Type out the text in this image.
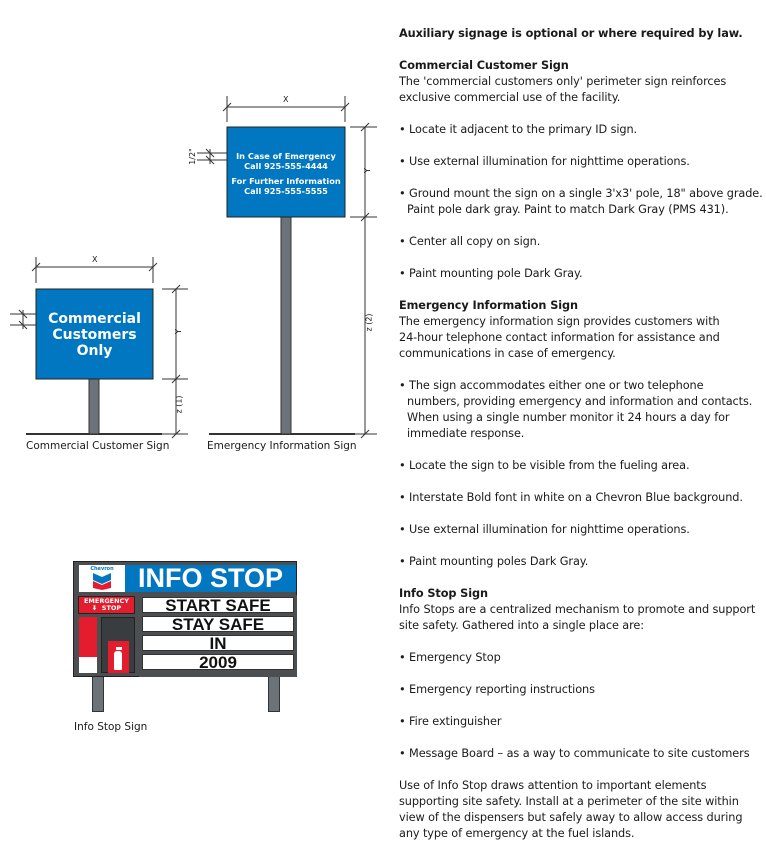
Commercial
Customers
Only
X
Y
z (1)
Commercial Customer Sign
In Case of Emergency
Call 925-555-4444
For Further Information
Call 925-555-5555
X
Y
z (2)
1/2"
Emergency Information Sign
Chevron INFO STOP
EMERGENCY
⬇  STOP	START SAFE
STAY SAFE
IN
2009
Info Stop Sign
Auxiliary signage is optional or where required by law.
Commercial Customer Sign
The 'commercial customers only' perimeter sign reinforces
exclusive commercial use of the facility.
• Locate it adjacent to the primary ID sign.
• Use external illumination for nighttime operations.
• Ground mount the sign on a single 3'x3' pole, 18" above grade.
Paint pole dark gray. Paint to match Dark Gray (PMS 431).
• Center all copy on sign.
• Paint mounting pole Dark Gray.
Emergency Information Sign
The emergency information sign provides customers with
24-hour telephone contact information for assistance and
communications in case of emergency.
• The sign accommodates either one or two telephone
numbers, providing emergency and information and contacts.
When using a single number monitor it 24 hours a day for
immediate response.
• Locate the sign to be visible from the fueling area.
• Interstate Bold font in white on a Chevron Blue background.
• Use external illumination for nighttime operations.
• Paint mounting poles Dark Gray.
Info Stop Sign
Info Stops are a centralized mechanism to promote and support
site safety. Gathered into a single place are:
• Emergency Stop
• Emergency reporting instructions
• Fire extinguisher
• Message Board – as a way to communicate to site customers
Use of Info Stop draws attention to important elements
supporting site safety. Install at a perimeter of the site within
view of the dispensers but safely away to allow access during
any type of emergency at the fuel islands.
